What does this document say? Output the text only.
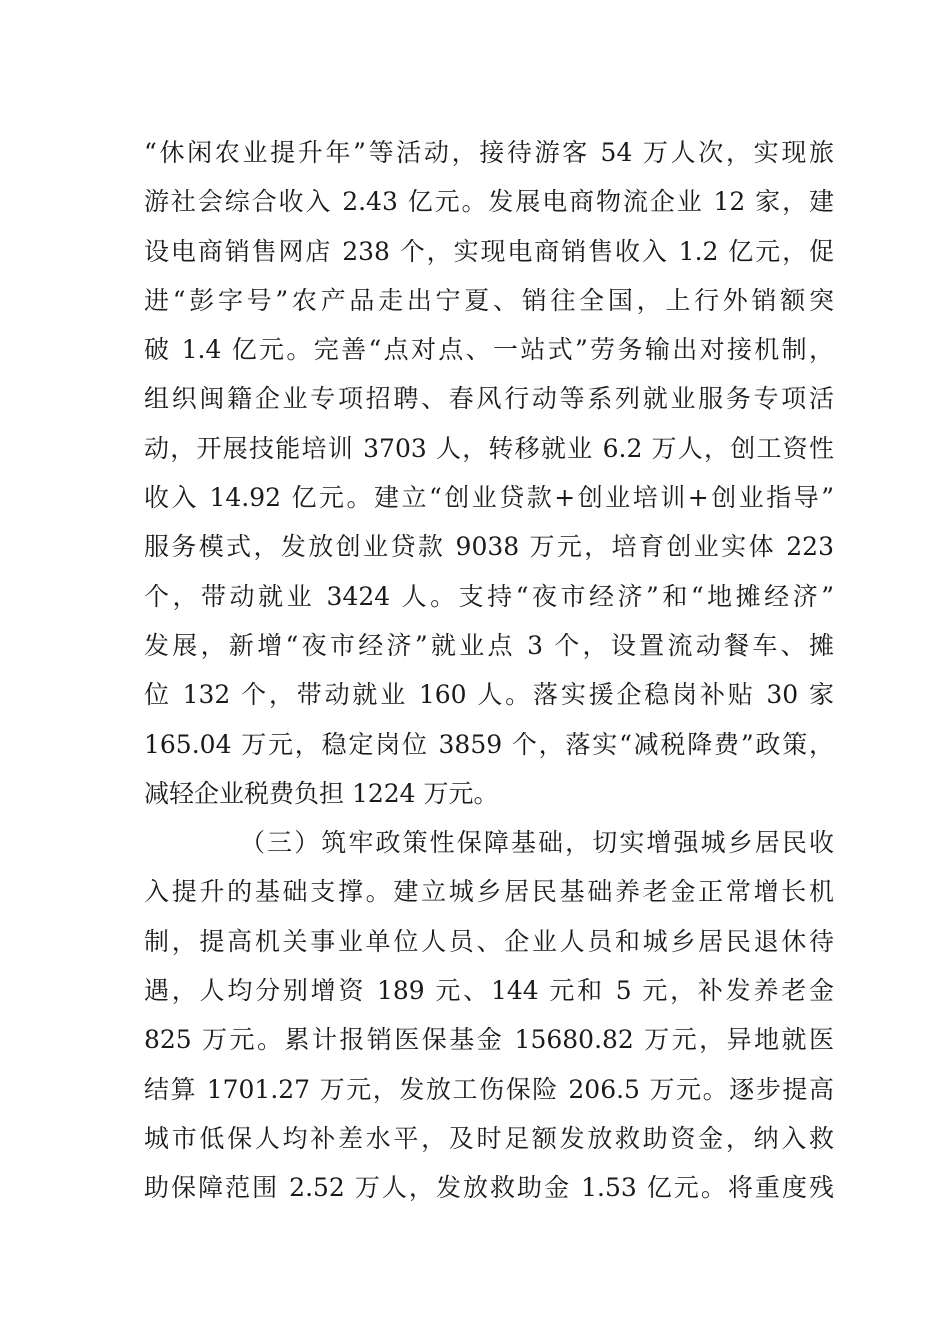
“休闲农业提升年”等活动，接待游客 54 万人次，实现旅
游社会综合收入 2.43 亿元。发展电商物流企业 12 家，建
设电商销售网店 238 个，实现电商销售收入 1.2 亿元，促
进“彭字号”农产品走出宁夏、销往全国，上行外销额突
破 1.4 亿元。完善“点对点、一站式”劳务输出对接机制，
组织闽籍企业专项招聘、春风行动等系列就业服务专项活
动，开展技能培训 3703 人，转移就业 6.2 万人，创工资性
收入 14.92 亿元。建立“创业贷款+创业培训+创业指导”
服务模式，发放创业贷款 9038 万元，培育创业实体 223
个，带动就业 3424 人。支持“夜市经济”和“地摊经济”
发展，新增“夜市经济”就业点 3 个，设置流动餐车、摊
位 132 个，带动就业 160 人。落实援企稳岗补贴 30 家
165.04 万元，稳定岗位 3859 个，落实“减税降费”政策，
减轻企业税费负担 1224 万元。
（三）筑牢政策性保障基础，切实增强城乡居民收
入提升的基础支撑。建立城乡居民基础养老金正常增长机
制，提高机关事业单位人员、企业人员和城乡居民退休待
遇，人均分别增资 189 元、144 元和 5 元，补发养老金
825 万元。累计报销医保基金 15680.82 万元，异地就医
结算 1701.27 万元，发放工伤保险 206.5 万元。逐步提高
城市低保人均补差水平，及时足额发放救助资金，纳入救
助保障范围 2.52 万人，发放救助金 1.53 亿元。将重度残
